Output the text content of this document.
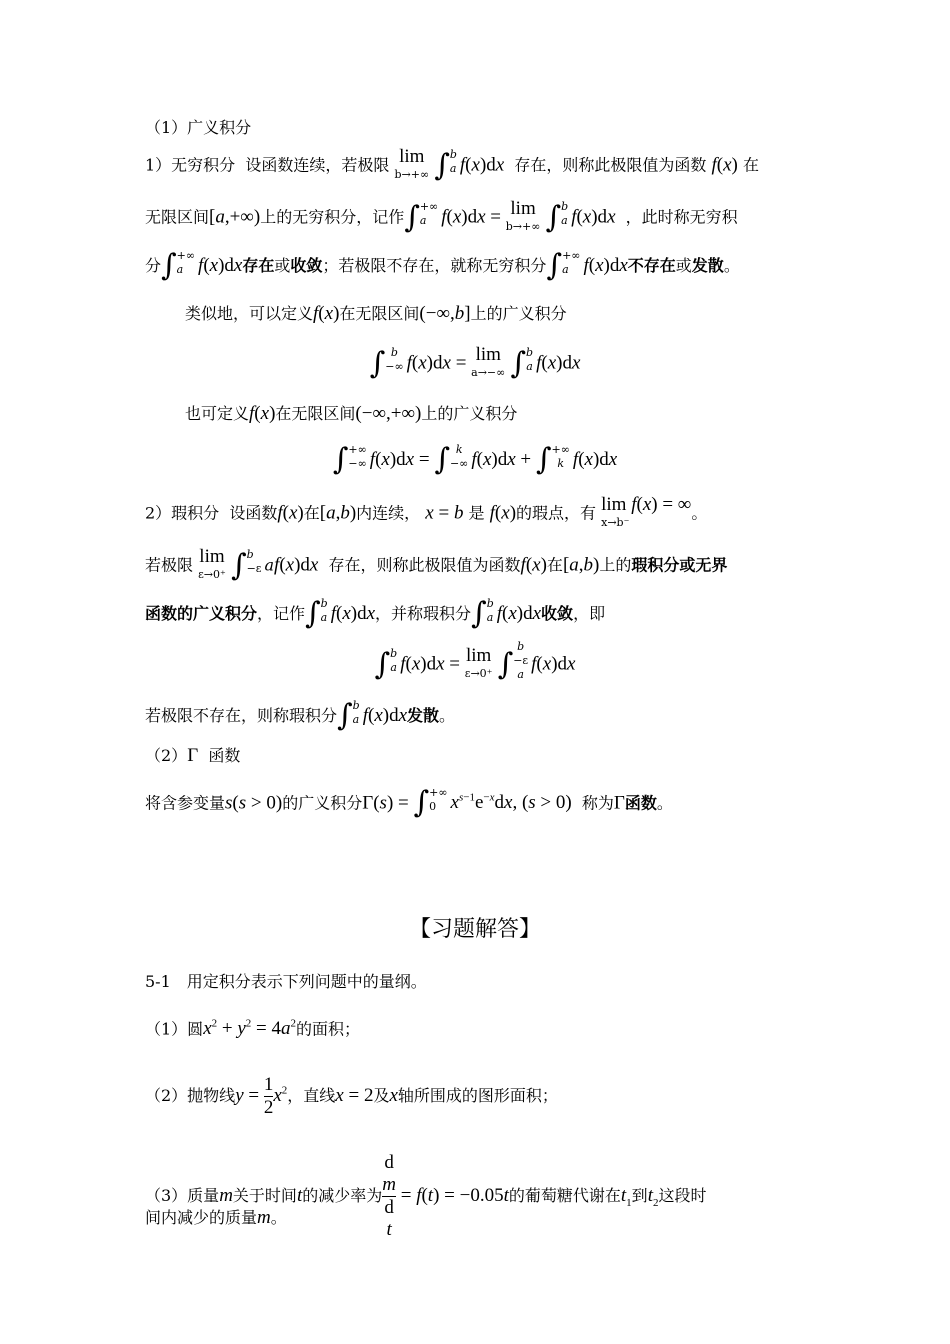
（1）广义积分
1）无穷积分 设函数连续，若极限 lim
b→+∞ ∫ b
a f(x)dx 存在，则称此极限值为函数 f(x) 在
无限区间[a,+∞)上的无穷积分，记作∫ +∞
a f(x)dx = lim
b→+∞ ∫ b
a f(x)dx ，此时称无穷积
分∫ +∞
a f(x)dx存在或收敛；若极限不存在，就称无穷积分∫ +∞
a f(x)dx不存在或发散。
类似地，可以定义f(x)在无限区间(−∞,b]上的广义积分
∫ b
−∞ f(x)dx = lim
a→−∞ ∫ b
a f(x)dx
也可定义f(x)在无限区间(−∞,+∞)上的广义积分
∫ +∞
−∞ f(x)dx = ∫ k
−∞ f(x)dx + ∫ +∞
k f(x)dx
2）瑕积分 设函数f(x)在[a,b)内连续， x = b 是 f(x)的瑕点，有 lim f(x) = ∞
x→b⁻	。
若极限 lim
ε→0⁺ ∫ b
−ε af(x)dx 存在，则称此极限值为函数f(x)在[a,b)上的瑕积分或无界
函数的广义积分，记作∫ b
a f(x)dx，并称瑕积分∫ b
a f(x)dx收敛，即
∫ b
a f(x)dx = lim
ε→0⁺ ∫ b
−ε
a f(x)dx
若极限不存在，则称瑕积分∫ b
a f(x)dx发散。
（2）Γ 函数
将含参变量s(s > 0)的广义积分Γ(s) = ∫ +∞
0 $x^{s-1}e^{-x}dx$, (s > 0) 称为Γ函数。
【习题解答】
5-1　用定积分表示下列问题中的量纲。
（1）圆$x^2 + y^2 = 4a^2$的面积；
（2）抛物线$y = \frac{1}{2} x^2$，直线x = 2及x轴所围成的图形面积；
（3）质量m关于时间t的减少率为 d
m
d
t = f(t) = −0.05t的葡萄糖代谢在$t_1$到$t_2$这段时
间内减少的质量m。
